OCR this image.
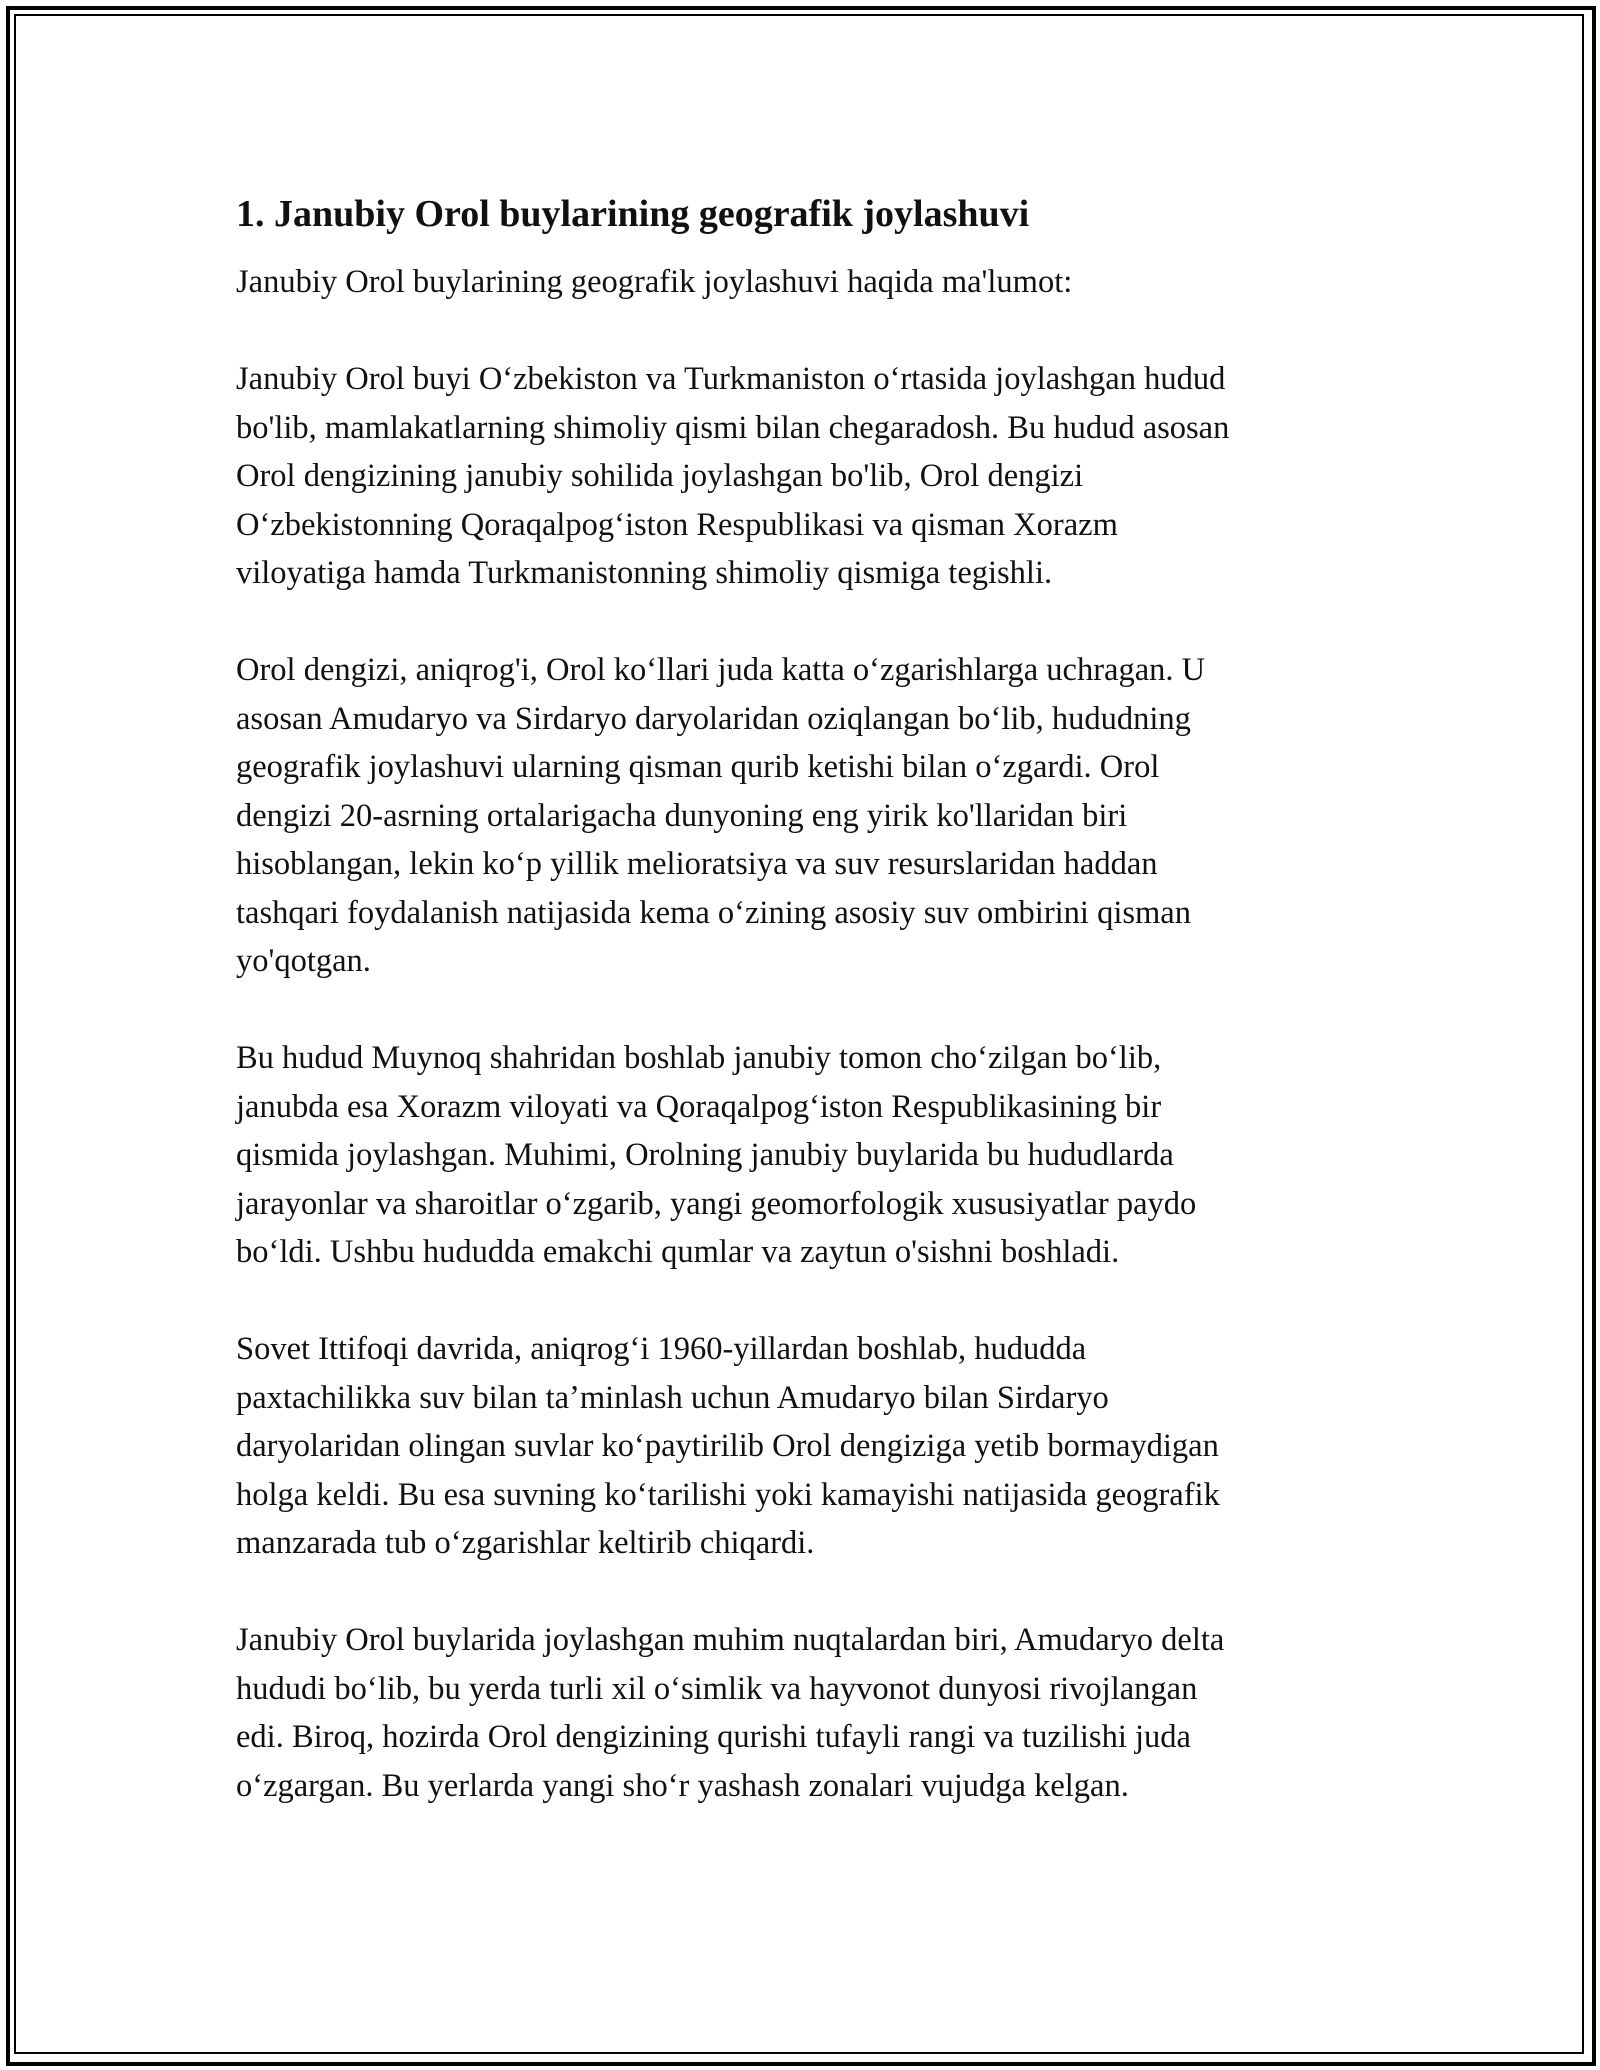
1. Janubiy Orol buylarining geografik joylashuvi

Janubiy Orol buylarining geografik joylashuvi haqida ma'lumot:

Janubiy Orol buyi Oʻzbekiston va Turkmaniston oʻrtasida joylashgan hudud
bo'lib, mamlakatlarning shimoliy qismi bilan chegaradosh. Bu hudud asosan
Orol dengizining janubiy sohilida joylashgan bo'lib, Orol dengizi
Oʻzbekistonning Qoraqalpogʻiston Respublikasi va qisman Xorazm
viloyatiga hamda Turkmanistonning shimoliy qismiga tegishli.

Orol dengizi, aniqrog'i, Orol koʻllari juda katta oʻzgarishlarga uchragan. U
asosan Amudaryo va Sirdaryo daryolaridan oziqlangan boʻlib, hududning
geografik joylashuvi ularning qisman qurib ketishi bilan oʻzgardi. Orol
dengizi 20-asrning ortalarigacha dunyoning eng yirik ko'llaridan biri
hisoblangan, lekin koʻp yillik melioratsiya va suv resurslaridan haddan
tashqari foydalanish natijasida kema oʻzining asosiy suv ombirini qisman
yo'qotgan.

Bu hudud Muynoq shahridan boshlab janubiy tomon choʻzilgan boʻlib,
janubda esa Xorazm viloyati va Qoraqalpogʻiston Respublikasining bir
qismida joylashgan. Muhimi, Orolning janubiy buylarida bu hududlarda
jarayonlar va sharoitlar oʻzgarib, yangi geomorfologik xususiyatlar paydo
boʻldi. Ushbu hududda emakchi qumlar va zaytun o'sishni boshladi.

Sovet Ittifoqi davrida, aniqrogʻi 1960-yillardan boshlab, hududda
paxtachilikka suv bilan taʼminlash uchun Amudaryo bilan Sirdaryo
daryolaridan olingan suvlar koʻpaytirilib Orol dengiziga yetib bormaydigan
holga keldi. Bu esa suvning koʻtarilishi yoki kamayishi natijasida geografik
manzarada tub oʻzgarishlar keltirib chiqardi.

Janubiy Orol buylarida joylashgan muhim nuqtalardan biri, Amudaryo delta
hududi boʻlib, bu yerda turli xil oʻsimlik va hayvonot dunyosi rivojlangan
edi. Biroq, hozirda Orol dengizining qurishi tufayli rangi va tuzilishi juda
oʻzgargan. Bu yerlarda yangi shoʻr yashash zonalari vujudga kelgan.
